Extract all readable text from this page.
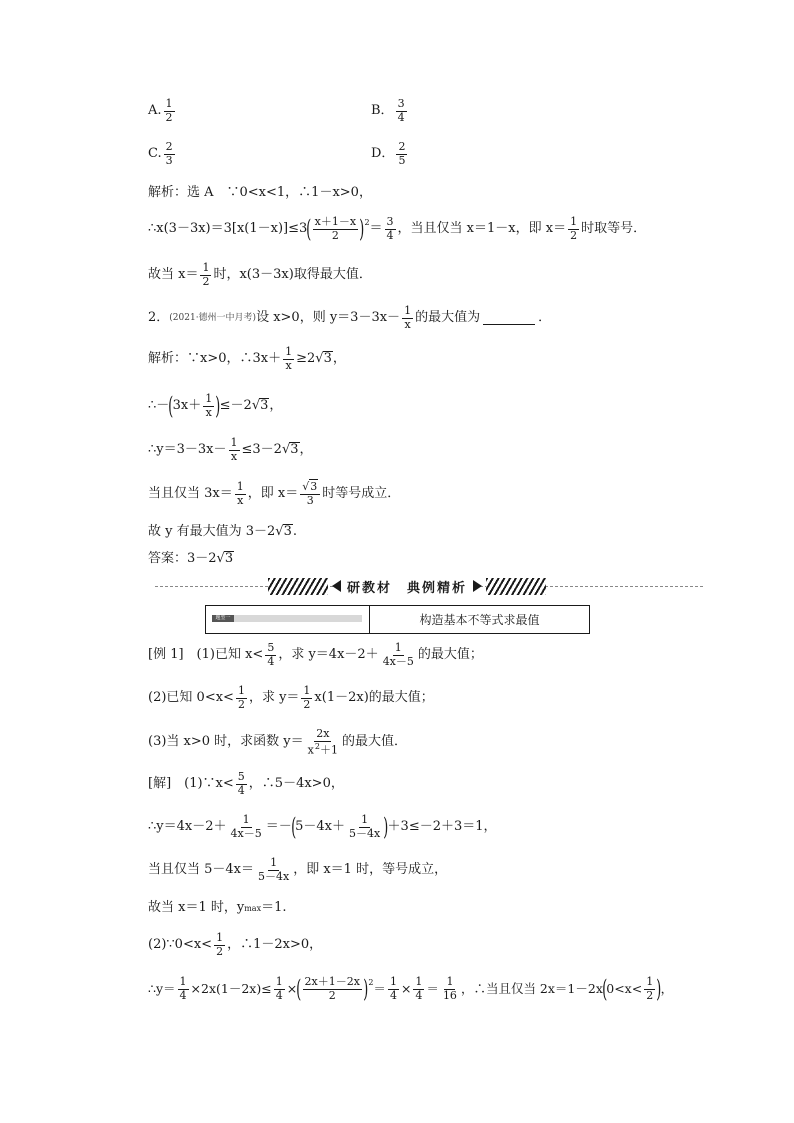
A. $\frac{1}{2}$	B． $\frac{3}{4}$
C. $\frac{2}{3}$	D． $\frac{2}{5}$
解析：选 A　∵0<x<1，∴1－x>0，
∴x(3－3x)＝3[x(1－x)]≤3 ( $\frac{x+1-x}{2}$ ) $2 = \frac{3}{4}$ ，当且仅当 x＝1－x，即 $x= \frac{1}{2}$ 时取等号．
故当 $x= \frac{1}{2}$ 时，x(3－3x)取得最大值．
2． (2021·德州一中月考) 设 x>0，则 $y=3-3x- \frac{1}{x}$ 的最大值为	．
解析：∵x>0，∴3x＋ $\frac{1}{x} \ge 2$ √ 3 ，
∴－ ( $3x+ \frac{1}{x}$ ) ≤－2 √ 3 ，
∴y＝3－3x－ $\frac{1}{x} \le 3-2$ √ 3 ，
当且仅当 $3x= \frac{1}{x}$ ，即 $x= \frac{√3}{3}$ 时等号成立．
故 y 有最大值为 3－2 √ 3 .
答案：3－2 √ 3
研教材　典例精析
题型一	构造基本不等式求最值
[例 1]　(1)已知 $x< \frac{5}{4}$ ，求 $y=4x-2+ \frac{1}{4x-5}$ 的最大值；
(2)已知 $0<x< \frac{1}{2}$ ，求 $y= \frac{1}{2} x(1-2x)$的最大值；
(3)当 x>0 时，求函数 $y= \frac{2x}{x^2+1}$ 的最大值．
[解]　(1)∵x< $\frac{5}{4}$ ，∴5－4x>0，
∴y＝4x－2＋ $\frac{1}{4x-5}$ ＝－ ( $5-4x+ \frac{1}{5-4x}$ ) ＋3≤－2＋3＝1，
当且仅当 $5-4x= \frac{1}{5-4x}$ ，即 x＝1 时，等号成立，
故当 x＝1 时，y max ＝1.
(2)∵0<x< $\frac{1}{2}$ ，∴1－2x>0，
∴y＝ $\frac{1}{4} \times 2x(1-2x)\le \frac{1}{4}$ × ( $\frac{2x+1-2x}{2}$ ) $2 = \frac{1}{4} \times \frac{1}{4} = \frac{1}{16}$ ，∴当且仅当 2x＝1－2x ( $0<x< \frac{1}{2}$ ) ，
